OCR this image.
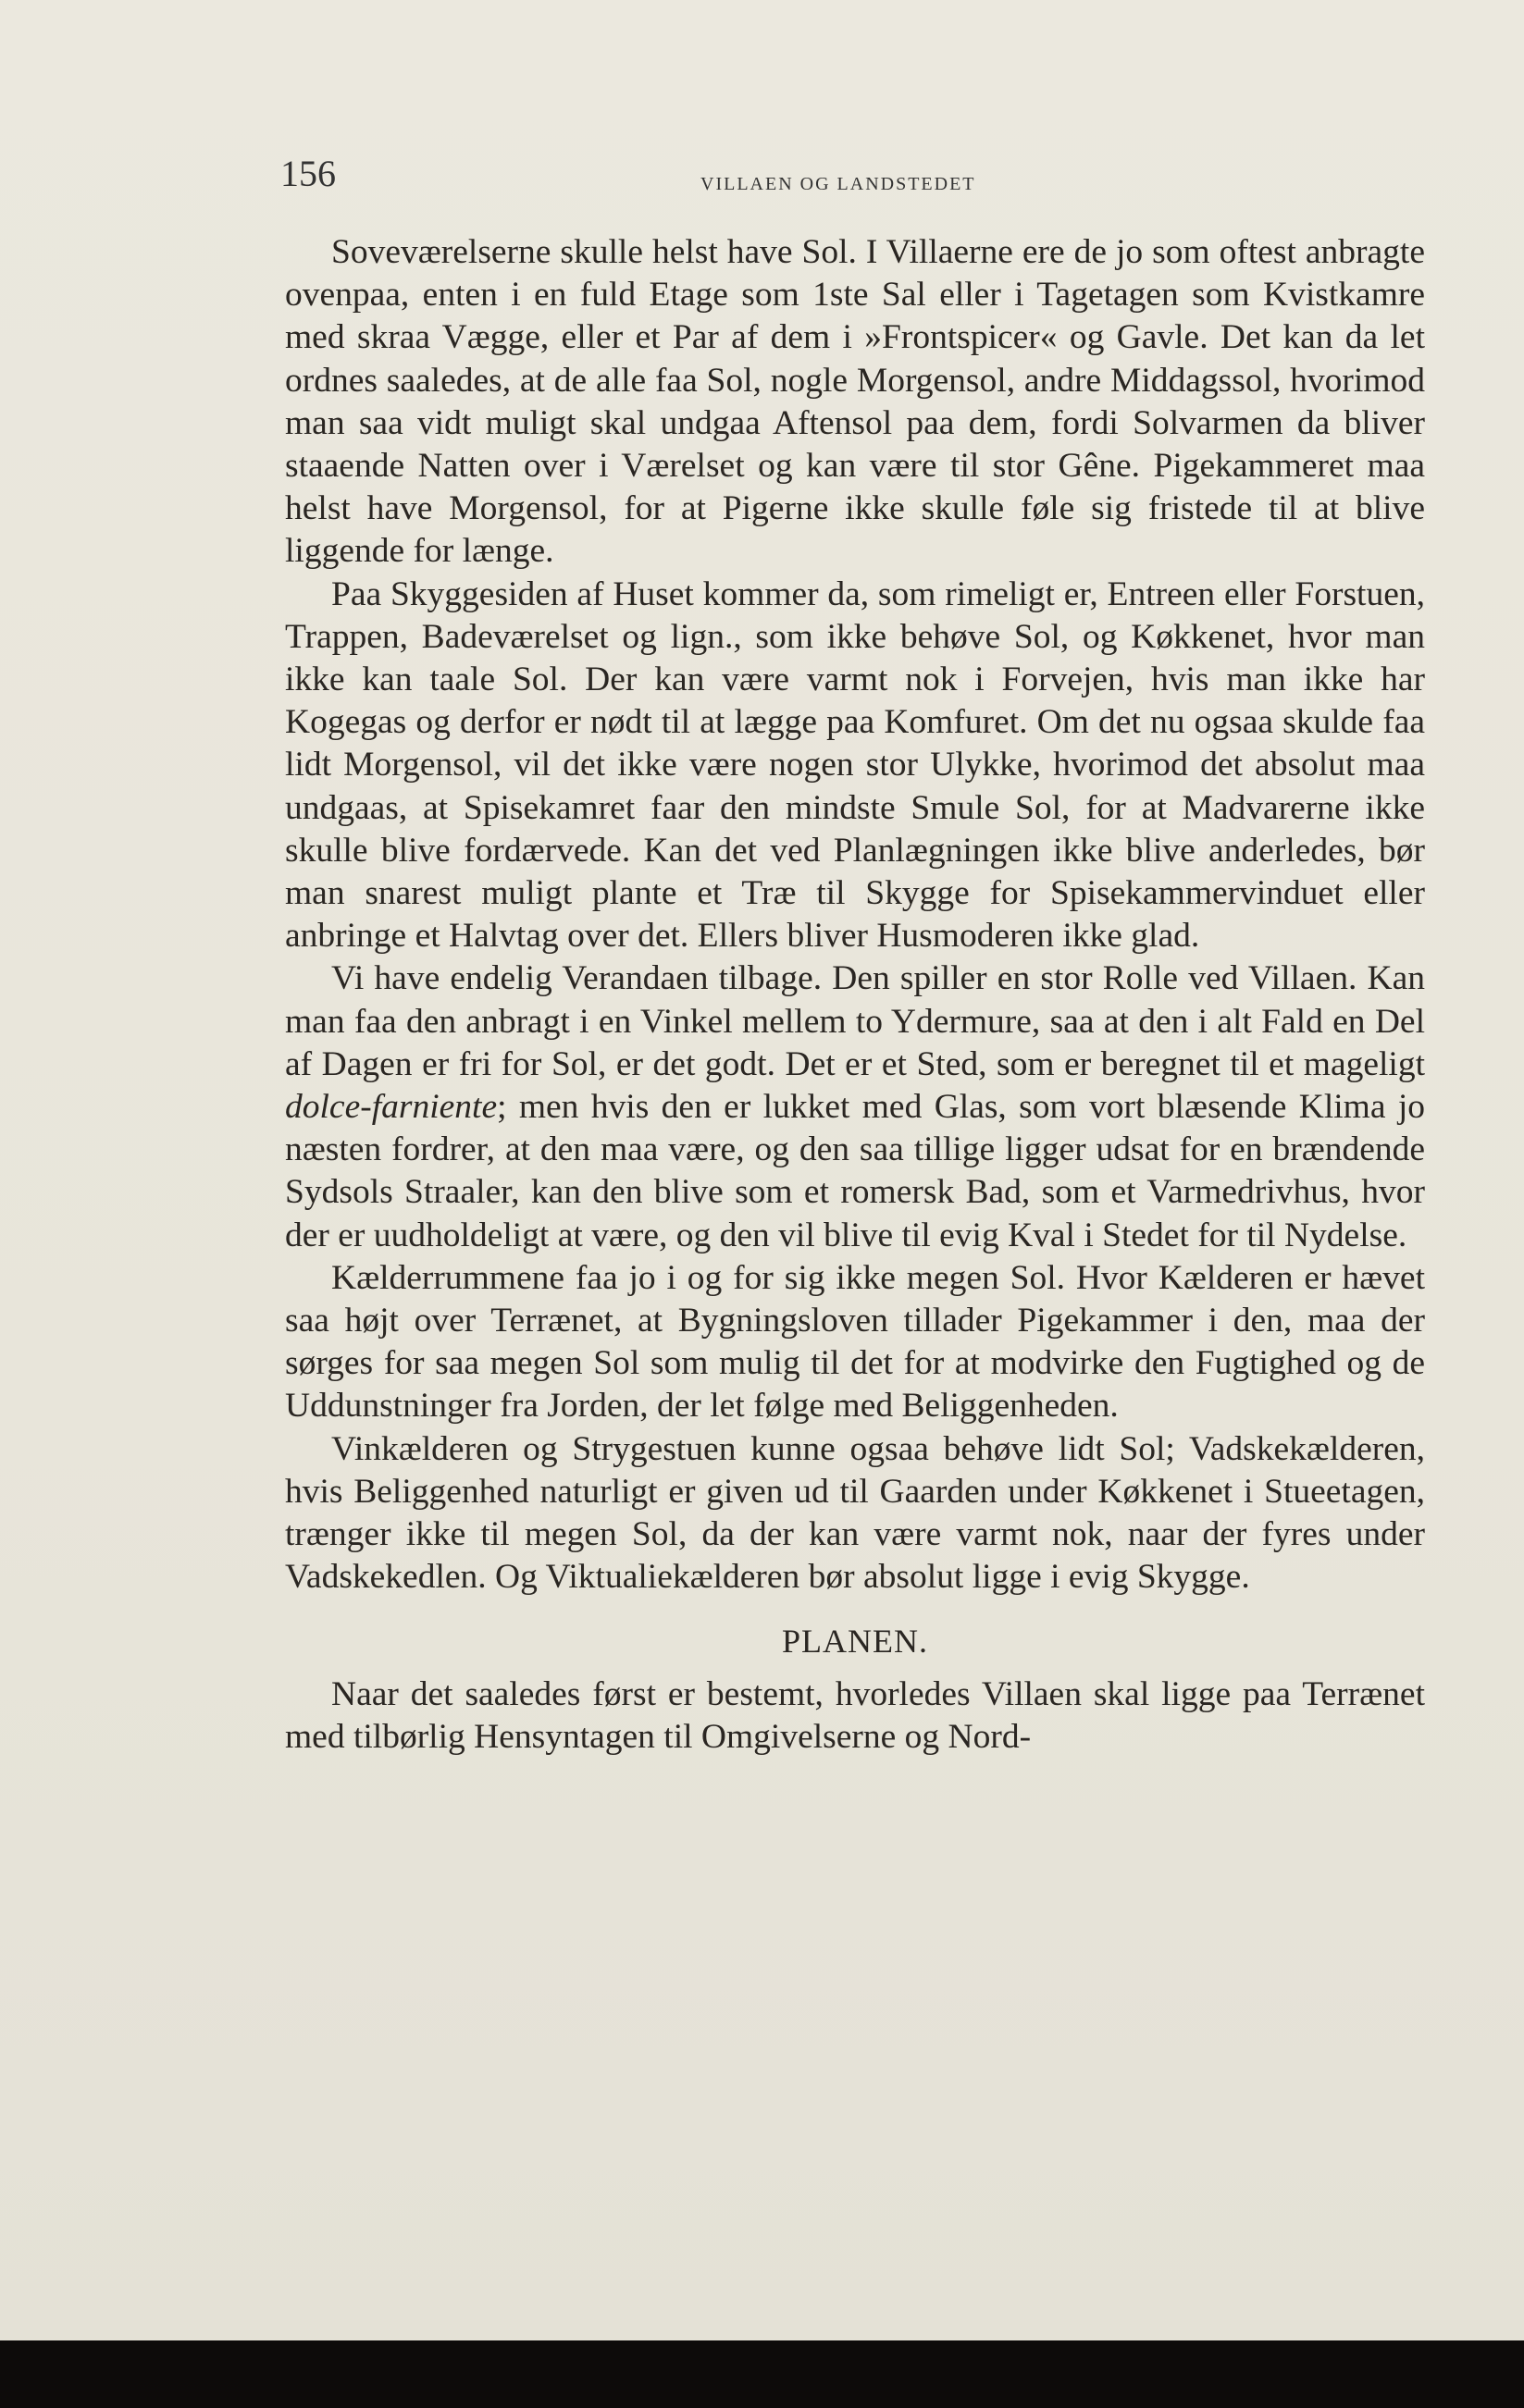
156	VILLAEN OG LANDSTEDET

Soveværelserne skulle helst have Sol. I Villaerne ere de jo som oftest anbragte ovenpaa, enten i en fuld Etage som 1ste Sal eller i Tagetagen som Kvistkamre med skraa Vægge, eller et Par af dem i »Frontspicer« og Gavle. Det kan da let ordnes saaledes, at de alle faa Sol, nogle Morgensol, andre Middagssol, hvorimod man saa vidt muligt skal undgaa Aftensol paa dem, fordi Solvarmen da bliver staaende Natten over i Værelset og kan være til stor Gêne. Pigekammeret maa helst have Morgensol, for at Pigerne ikke skulle føle sig fristede til at blive liggende for længe.

Paa Skyggesiden af Huset kommer da, som rimeligt er, Entreen eller Forstuen, Trappen, Badeværelset og lign., som ikke behøve Sol, og Køkkenet, hvor man ikke kan taale Sol. Der kan være varmt nok i Forvejen, hvis man ikke har Kogegas og derfor er nødt til at lægge paa Komfuret. Om det nu ogsaa skulde faa lidt Morgensol, vil det ikke være nogen stor Ulykke, hvorimod det absolut maa undgaas, at Spisekamret faar den mindste Smule Sol, for at Madvarerne ikke skulle blive fordærvede. Kan det ved Planlægningen ikke blive anderledes, bør man snarest muligt plante et Træ til Skygge for Spisekammervinduet eller anbringe et Halvtag over det. Ellers bliver Husmoderen ikke glad.

Vi have endelig Verandaen tilbage. Den spiller en stor Rolle ved Villaen. Kan man faa den anbragt i en Vinkel mellem to Ydermure, saa at den i alt Fald en Del af Dagen er fri for Sol, er det godt. Det er et Sted, som er beregnet til et mageligt dolce-farniente; men hvis den er lukket med Glas, som vort blæsende Klima jo næsten fordrer, at den maa være, og den saa tillige ligger udsat for en brændende Sydsols Straaler, kan den blive som et romersk Bad, som et Varmedrivhus, hvor der er uudholdeligt at være, og den vil blive til evig Kval i Stedet for til Nydelse.

Kælderrummene faa jo i og for sig ikke megen Sol. Hvor Kælderen er hævet saa højt over Terrænet, at Bygningsloven tillader Pigekammer i den, maa der sørges for saa megen Sol som mulig til det for at modvirke den Fugtighed og de Uddunstninger fra Jorden, der let følge med Beliggenheden.

Vinkælderen og Strygestuen kunne ogsaa behøve lidt Sol; Vadskekælderen, hvis Beliggenhed naturligt er given ud til Gaarden under Køkkenet i Stueetagen, trænger ikke til megen Sol, da der kan være varmt nok, naar der fyres under Vadskekedlen. Og Viktualiekælderen bør absolut ligge i evig Skygge.

PLANEN.

Naar det saaledes først er bestemt, hvorledes Villaen skal ligge paa Terrænet med tilbørlig Hensyntagen til Omgivelserne og Nord-
